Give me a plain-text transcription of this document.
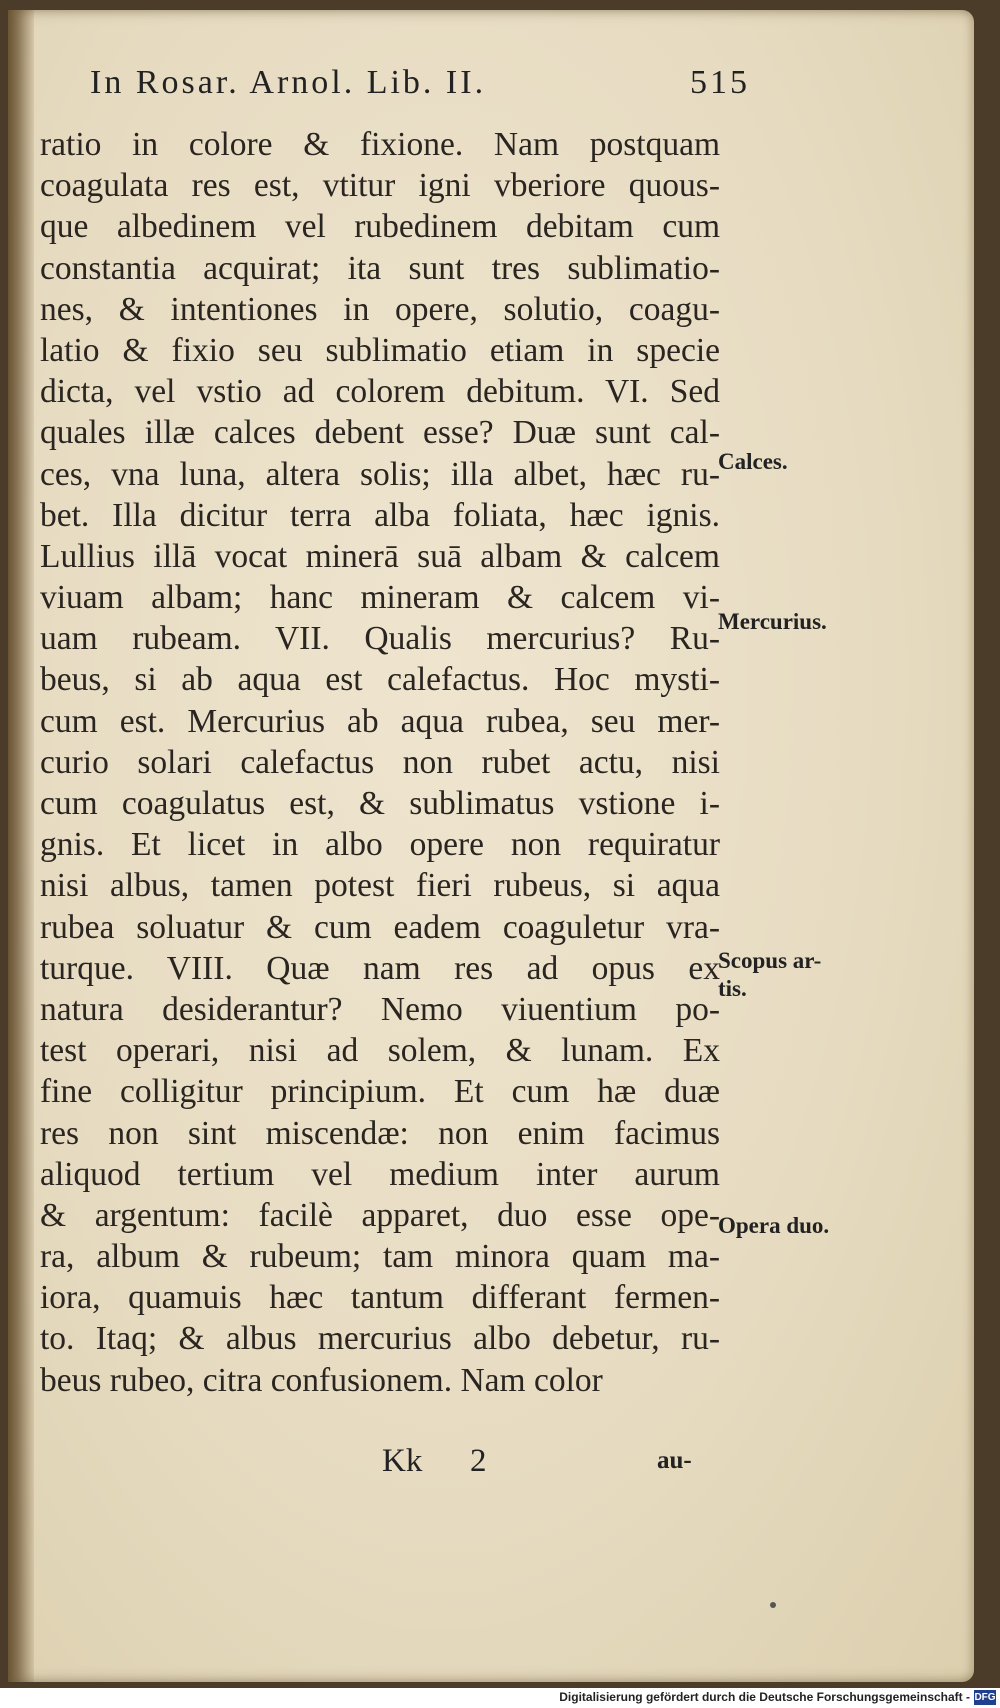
In Rosar. Arnol. Lib. II.	515
ratio in colore & fixione. Nam postquam
coagulata res est, vtitur igni vberiore quous-
que albedinem vel rubedinem debitam cum
constantia acquirat; ita sunt tres sublimatio-
nes, & intentiones in opere, solutio, coagu-
latio & fixio seu sublimatio etiam in specie
dicta, vel vstio ad colorem debitum. VI. Sed
quales illæ calces debent esse? Duæ sunt cal-
ces, vna luna, altera solis; illa albet, hæc ru-
bet. Illa dicitur terra alba foliata, hæc ignis.
Lullius illā vocat minerā suā albam & calcem
viuam albam; hanc mineram & calcem vi-
uam rubeam. VII. Qualis mercurius? Ru-
beus, si ab aqua est calefactus. Hoc mysti-
cum est. Mercurius ab aqua rubea, seu mer-
curio solari calefactus non rubet actu, nisi
cum coagulatus est, & sublimatus vstione i-
gnis. Et licet in albo opere non requiratur
nisi albus, tamen potest fieri rubeus, si aqua
rubea soluatur & cum eadem coaguletur vra-
turque. VIII. Quæ nam res ad opus ex
natura desiderantur? Nemo viuentium po-
test operari, nisi ad solem, & lunam. Ex
fine colligitur principium. Et cum hæ duæ
res non sint miscendæ: non enim facimus
aliquod tertium vel medium inter aurum
& argentum: facilè apparet, duo esse ope-
ra, album & rubeum; tam minora quam ma-
iora, quamuis hæc tantum differant fermen-
to. Itaq; & albus mercurius albo debetur, ru-
beus rubeo, citra confusionem. Nam color
Calces.
Mercurius.
Scopus ar-
tis.
Opera duo.
Kk 2	au-
Digitalisierung gefördert durch die Deutsche Forschungsgemeinschaft - DFG
